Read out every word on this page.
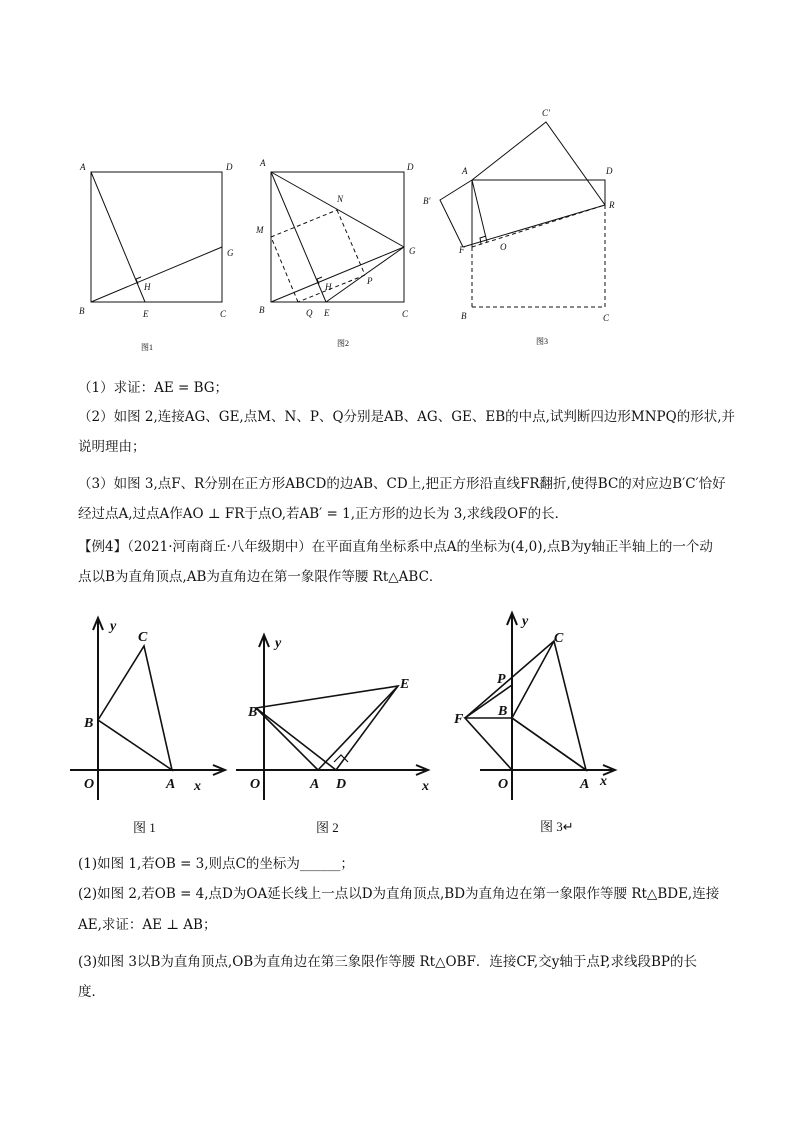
A	D
B	C
E
G
H
图1
A	D
B	C
N
M
G
H
P
Q E
图2
C′
A	D
B′	R
F	O
B	C
图3
（1）求证：AE = BG；
（2）如图 2,连接AG、GE,点M、N、P、Q分别是AB、AG、GE、EB的中点,试判断四边形MNPQ的形状,并
说明理由；
（3）如图 3,点F、R分别在正方形ABCD的边AB、CD上,把正方形沿直线FR翻折,使得BC的对应边B′C′恰好
经过点A,过点A作AO ⊥ FR于点O,若AB′ = 1,正方形的边长为 3,求线段OF的长．
【例4】（2021·河南商丘·八年级期中）在平面直角坐标系中点A的坐标为(4,0),点B为y轴正半轴上的一个动
点以B为直角顶点,AB为直角边在第一象限作等腰 Rt△ABC．
y
C
B
O	A x
图 1
y
E
B
O	A D	x
图 2
y
C
P
F
B
O	A x
图 3↵
(1)如图 1,若OB = 3,则点C的坐标为______；
(2)如图 2,若OB = 4,点D为OA延长线上一点以D为直角顶点,BD为直角边在第一象限作等腰 Rt△BDE,连接
AE,求证：AE ⊥ AB；
(3)如图 3以B为直角顶点,OB为直角边在第三象限作等腰 Rt△OBF．连接CF,交y轴于点P,求线段BP的长
度．
